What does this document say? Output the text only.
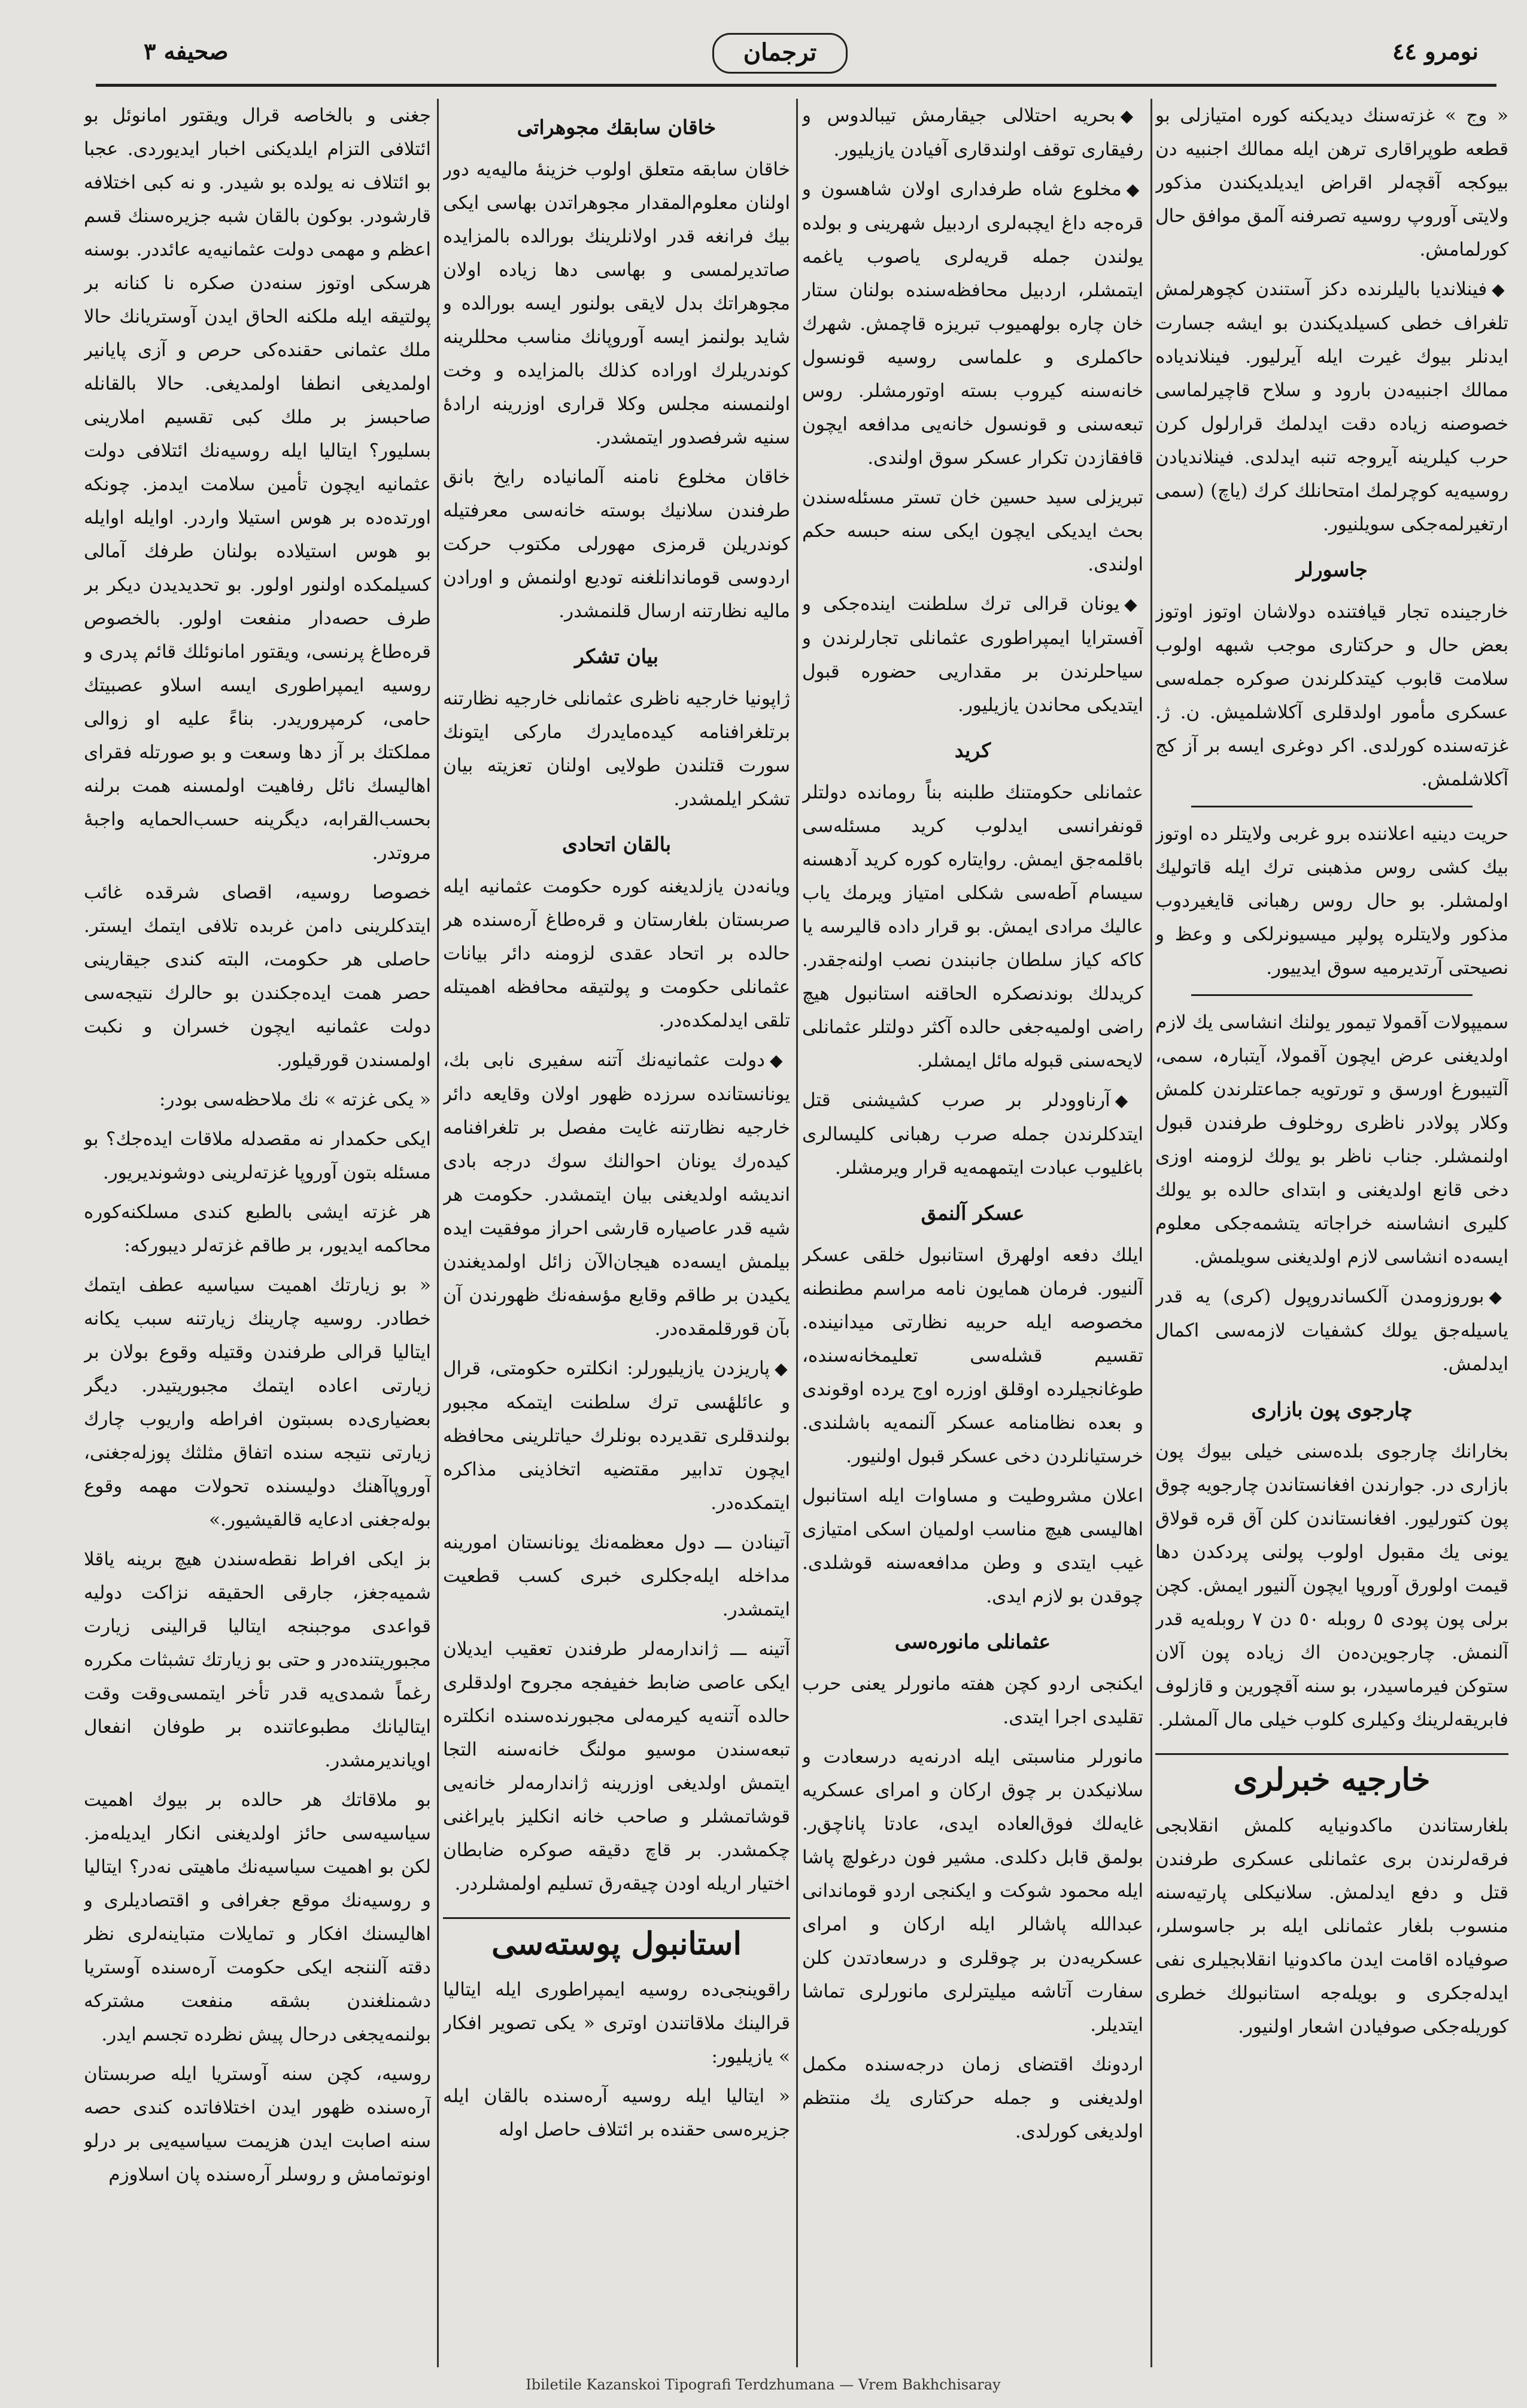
نومرو ٤٤
ترجمان
صحیفه ٣

« وج » غزته‌سنك دیدیکنه کوره امتیازلی بو قطعه طوپراقاری ترهن ایله ممالك اجنبیه دن بیوکجه آقچه‌لر اقراض ایدیلدیکندن مذکور ولایتی آوروپ روسیه تصرفنه آلمق موافق حال کورلمامش.

◆فینلاندیا بالیلرنده دکز آستندن کچوهرلمش تلغراف خطی کسیلدیکندن بو ایشه جسارت ایدنلر بیوك غیرت ایله آیرلیور. فینلاندیاده ممالك اجنبیه‌دن بارود و سلاح قاچیرلماسی خصوصنه زیاده دقت ایدلمك قرارلول کرن حرب کیلرینه آیروجه تنبه ایدلدی. فینلاندیادن روسیه‌یه کوچرلمك امتحانلك کرك (یاچ) (سمی ارتغیرلمه‌جکی سویلنیور.

جاسورلر

خارجینده تجار قیافتنده دولاشان اوتوز اوتوز بعض حال و حرکتاری موجب شبهه اولوب سلامت قابوب کیتدکلرندن صوکره جمله‌سی عسکری مأمور اولدقلری آکلاشلمیش. ن. ژ. غزته‌سنده کورلدی. اکر دوغری ایسه بر آز کج آکلاشلمش.

حریت دینیه اعلاننده برو غربی ولایتلر ده اوتوز بیك کشی روس مذهبنی ترك ایله قاتولیك اولمشلر. بو حال روس رهبانی قایغیردوب مذکور ولایتلره پولپر میسیونرلکی و وعظ و نصیحتی آرتدیرمیه سوق ایدییور.

سمیپولات آقمولا تیمور یولنك انشاسی یك لازم اولدیغنی عرض ایچون آقمولا، آیتبارہ، سمی، آلتیبورغ اورسق و تورتویه جماعتلرندن کلمش وکلار پولادر ناظری روخلوف طرفندن قبول اولنمشلر. جناب ناظر بو یولك لزومنه اوزی دخی قانع اولدیغنی و ابتدای حالده بو یولك کلیری انشاسنه خراجاته یتشمه‌جکی معلوم ایسه‌ده انشاسی لازم اولدیغنی سویلمش.

◆بوروزومدن آلکساندروپول (کری) یه قدر یاسیله‌جق یولك کشفیات لازمه‌سی اکمال ایدلمش.

چارجوی پون بازاری

بخارانك چارجوی بلده‌سنی خیلی بیوك پون بازاری در. جوارندن افغانستاندن چارجویه چوق پون کتورلیور. افغانستاندن کلن آق قره قولاق یونی یك مقبول اولوب پولنی پردکدن دها قیمت اولورق آوروپا ایچون آلنیور ایمش. کچن برلی پون پودی ٥ روبله ٥٠ دن ٧ روبله‌یه قدر آلنمش. چارجوین‌ده‌ن اك زیاده پون آلان ستوکن فیرماسیدر، بو سنه آقچورین و قازلوف فابریقه‌لرینك وکیلری کلوب خیلی مال آلمشلر.

خارجیه خبرلری

بلغارستاندن ماکدونیایه کلمش انقلابجی فرقه‌لرندن بری عثمانلی عسکری طرفندن قتل و دفع ایدلمش. سلانیکلی پارتیه‌سنه منسوب بلغار عثمانلی ایله بر جاسوسلر، صوفیاده اقامت ایدن ماکدونیا انقلابجیلری نفی ایدله‌جکری و بویله‌جه استانبولك خطری کوریله‌جکی صوفیادن اشعار اولنیور.

◆بحریه احتلالی جیقارمش تیبالدوس و رفیقاری توقف اولندقاری آفیادن یازیلیور.

◆مخلوع شاه طرفداری اولان شاهسون و قره‌جه داغ ایچبه‌لری اردبیل شهرینی و بولده یولندن جمله قریه‌لری یاصوب یاغمه ایتمشلر، اردبیل محافظه‌سنده بولنان ستار خان چاره بولهمیوب تبریزه قاچمش. شهرك حاکملری و علماسی روسیه قونسول خانه‌سنه کیروب بسته اوتورمشلر. روس تبعه‌سنی و قونسول خانه‌یی مدافعه ایچون قافقازدن تکرار عسکر سوق اولندی.

تبریزلی سید حسین خان تستر مسئله‌سندن بحث ایدیکی ایچون ایکی سنه حبسه حکم اولندی.

◆یونان قرالی ترك سلطنت اینده‌جکی و آفسترایا ایمپراطوری عثمانلی تجارلرندن و سیاحلرندن بر مقداریی حضوره قبول ایتدیکی محاندن یازیلیور.

کرید

عثمانلی حکومتنك طلبنه بناً رومانده دولتلر قونفرانسی ایدلوب کرید مسئله‌سی باقلمه‌جق ایمش. روایتاره کوره کرید آدهسنه سیسام آطه‌سی شکلی امتیاز ویرمك یاب عالیك مرادی ایمش. بو قرار داده قالیرسه یا کاکه کیاز سلطان جانبندن نصب اولنه‌جقدر. کریدلك بوندنصکره الحاقنه استانبول هیچ راضی اولمیه‌جغی حالده آکثر دولتلر عثمانلی لایحه‌سنی قبوله مائل ایمشلر.

◆آرناوودلر بر صرب کشیشنی قتل ایتدکلرندن جمله صرب رهبانی کلیسالری باغلیوب عبادت ایتمهمه‌یه قرار ویرمشلر.

عسکر آلنمق

ایلك دفعه اولهرق استانبول خلقی عسکر آلنیور. فرمان همایون نامه مراسم مطنطنه مخصوصه ایله حربیه نظارتی میدانینده. تقسیم قشله‌سی تعلیمخانه‌سنده، طوغانجیلرده اوقلق اوزره اوج یرده اوقوندی و بعده نظامنامه عسکر آلنمه‌یه باشلندی. خرستیانلردن دخی عسکر قبول اولنیور.

اعلان مشروطیت و مساوات ایله استانبول اهالیسی هیچ مناسب اولمیان اسکی امتیازی غیب ایتدی و وطن مدافعه‌سنه قوشلدی. چوقدن بو لازم ایدی.

عثمانلی مانوره‌سی

ایکنجی اردو کچن هفته مانورلر یعنی حرب تقلیدی اجرا ایتدی.

مانورلر مناسبتی ایله ادرنه‌یه درسعادت و سلانیکدن بر چوق ارکان و امرای عسکریه غایه‌لك فوق‌العاده ایدی، عادتا پاناچق‌ر. بولمق قابل دکلدی. مشیر فون درغولچ پاشا ایله محمود شوکت و ایکنجی اردو قوماندانی عبدالله پاشالر ایله ارکان و امرای عسکریه‌دن بر چوقلری و درسعادتدن کلن سفارت آتاشه میلیترلری مانورلری تماشا ایتدیلر.

اردونك اقتضای زمان درجه‌سنده مکمل اولدیغنی و جمله حرکتاری یك منتظم اولدیغی کورلدی.

خاقان سابقك مجوهراتی

خاقان سابقه متعلق اولوب خزینهٔ مالیه‌یه دور اولنان معلوم‌المقدار مجوهراتدن بهاسی ایکی بیك فرانغه قدر اولانلرینك بورالده بالمزایده صاتدیرلمسی و بهاسی دها زیاده اولان مجوهراتك بدل لایقی بولنور ایسه بورالده و شاید بولنمز ایسه آوروپانك مناسب محللرینه کوندریلرك اوراده کذلك بالمزایده و وخت اولنمسنه مجلس وکلا قراری اوزرینه ارادهٔ سنیه شرفصدور ایتمشدر.

خاقان مخلوع نامنه آلمانیاده رایخ بانق طرفندن سلانیك بوسته خانه‌سی معرفتیله کوندریلن قرمزی مهورلی مکتوب حرکت اردوسی قوماندانلغنه تودیع اولنمش و اورادن مالیه نظارتنه ارسال قلنمشدر.

بیان تشکر

ژاپونیا خارجیه ناظری عثمانلی خارجیه نظارتنه برتلغرافنامه کیده‌مایدرك مارکی ایتونك سورت قتلندن طولایی اولنان تعزیته بیان تشکر ایلمشدر.

بالقان اتحادی

ویانه‌دن یازلدیغنه کوره حکومت عثمانیه ایله صربستان بلغارستان و قره‌طاغ آرەسنده هر حالده بر اتحاد عقدی لزومنه دائر بیانات عثمانلی حکومت و پولتیقه محافظه اهمیتله تلقی ایدلمکده‌در.

◆دولت عثمانیه‌نك آتنه سفیری نابی بك، یونانستانده سرزده ظهور اولان وقایعه دائر خارجیه نظارتنه غایت مفصل بر تلغرافنامه کیده‌رك یونان احوالنك سوك درجه بادی اندیشه اولدیغنی بیان ایتمشدر. حکومت هر شیه قدر عاصیاره قارشی احراز موفقیت ایده بیلمش ایسه‌ده هیجان‌الآن زائل اولمدیغندن یکیدن بر طاقم وقایع مؤسفه‌نك ظهورندن آن بآن قورقلمقده‌در.

◆پاریزدن یازیلیورلر: انکلتره حکومتی، قرال و عائلهٔسی ترك سلطنت ایتمکه مجبور بولندقلری تقدیرده بونلرك حیاتلرینی محافظه ایچون تدابیر مقتضیه اتخاذینی مذاکره ایتمکده‌در.

آتینادن ـــ دول معظمه‌نك یونانستان امورینه مداخله ایله‌جکلری خبری کسب قطعیت ایتمشدر.

آتینه ـــ ژاندارمه‌لر طرفندن تعقیب ایدیلان ایکی عاصی ضابط خفیفجه مجروح اولدقلری حالده آتنه‌یه کیرمه‌لی مجبورنده‌سنده انکلتره تبعه‌سندن موسیو مولنگ خانه‌سنه التجا ایتمش اولدیغی اوزرینه ژاندارمه‌لر خانه‌یی قوشاتمشلر و صاحب خانه انکلیز بایراغنی چکمشدر. بر قاچ دقیقه صوکره ضابطان اختیار اریله اودن چیقه‌رق تسلیم اولمشلردر.

استانبول پوسته‌سی

راقوینجی‌ده روسیه ایمپراطوری ایله ایتالیا قرالینك ملاقاتندن اوتری « یکی تصویر افکار » یازیلیور:

« ایتالیا ایله روسیه آرەسنده بالقان ایله جزیره‌سی حقنده بر ائتلاف حاصل اوله

جغنی و بالخاصه قرال ویقتور امانوئل بو ائتلافی التزام ایلدیکنی اخبار ایدیوردی. عجبا بو ائتلاف نه یولده بو شیدر. و نه کبی اختلافه قارشودر. بوکون بالقان شبه جزیره‌سنك قسم اعظم و مهمی دولت عثمانیه‌یه عائددر. بوسنه هرسکی اوتوز سنه‌دن صکره نا کنانه بر پولتیقه ایله ملکنه الحاق ایدن آوستریانك حالا ملك عثمانی حقنده‌کی حرص و آزی پایانیر اولمدیغی انطفا اولمدیغی. حالا بالقانله صاحبسز بر ملك کبی تقسیم املارینی بسلیور؟ ایتالیا ایله روسیه‌نك ائتلافی دولت عثمانیه ایچون تأمین سلامت ایدمز. چونکه اورتده‌ده بر هوس استیلا واردر. اوایله اوایله بو هوس استیلاده بولنان طرفك آمالی کسیلمکده اولنور اولور. بو تحدیدیدن دیکر بر طرف حصه‌دار منفعت اولور. بالخصوص قره‌طاغ پرنسی، ویقتور امانوئلك قائم پدری و روسیه ایمپراطوری ایسه اسلاو عصبیتك حامی، کرمپروریدر. بناءً علیه او زوالی مملکتك بر آز دها وسعت و بو صورتله فقرای اهالیسك نائل رفاهیت اولمسنه همت برلنه بحسب‌القرابه، دیگرینه حسب‌الحمایه واجبهٔ مروتدر.

خصوصا روسیه، اقصای شرقده غائب ایتدکلرینی دامن غربده تلافی ایتمك ایستر. حاصلی هر حکومت، البته کندی جیقارینی حصر همت ایده‌جکندن بو حالرك نتیجه‌سی دولت عثمانیه ایچون خسران و نکبت اولمسندن قورقیلور.

« یکی غزته » نك ملاحظه‌سی بودر:

ایکی حکمدار نه مقصدله ملاقات ایده‌جك؟ بو مسئله بتون آوروپا غزته‌لرینی دوشوندیریور.

هر غزته ایشی بالطبع کندی مسلکنه‌کوره محاکمه ایدیور، بر طاقم غزته‌لر دیبورکه:

« بو زیارتك اهمیت سیاسیه عطف ایتمك خطادر. روسیه چارینك زیارتنه سبب یکانه ایتالیا قرالی طرفندن وقتیله وقوع بولان بر زیارتی اعاده ایتمك مجبوریتیدر. دیگر بعضیاری‌ده بسبتون افراطه واریوب چارك زیارتی نتیجه سنده اتفاق مثلثك پوزله‌جغنی، آوروپاآهنك دولیسنده تحولات مهمه وقوع بوله‌جغنی ادعایه قالقیشیور.»

بز ایکی افراط نقطه‌سندن هیچ برینه یاقلا شمیه‌جغز، جارقی الحقیقه نزاکت دولیه قواعدی موجبنجه ایتالیا قرالینی زیارت مجبوریتنده‌در و حتی بو زیارتك تشبثات مکرره رغماً شمدی‌یه قدر تأخر ایتمسی‌وقت وقت ایتالیانك مطبوعاتنده بر طوفان انفعال اویاندیرمشدر.

بو ملاقاتك هر حالده بر بیوك اهمیت سیاسیه‌سی حائز اولدیغنی انکار ایدیله‌مز. لکن بو اهمیت سیاسیه‌نك ماهیتی نه‌در؟ ایتالیا و روسیه‌نك موقع جغرافی و اقتصادیلری و اهالیسنك افکار و تمایلات متباینه‌لری نظر دقته آلننجه ایکی حکومت آرەسنده آوستریا دشمنلغندن بشقه منفعت مشترکه بولنمه‌یجغی درحال پیش نظرده تجسم ایدر.

روسیه، کچن سنه آوستریا ایله صربستان آرەسنده ظهور ایدن اختلافاتده کندی حصه سنه اصابت ایدن هزیمت سیاسیه‌یی بر درلو اونوتمامش و روسلر آرەسنده پان اسلاوزم

Ibiletile Kazanskoi Tipografi Terdzhumana — Vrem Bakhchisaray
